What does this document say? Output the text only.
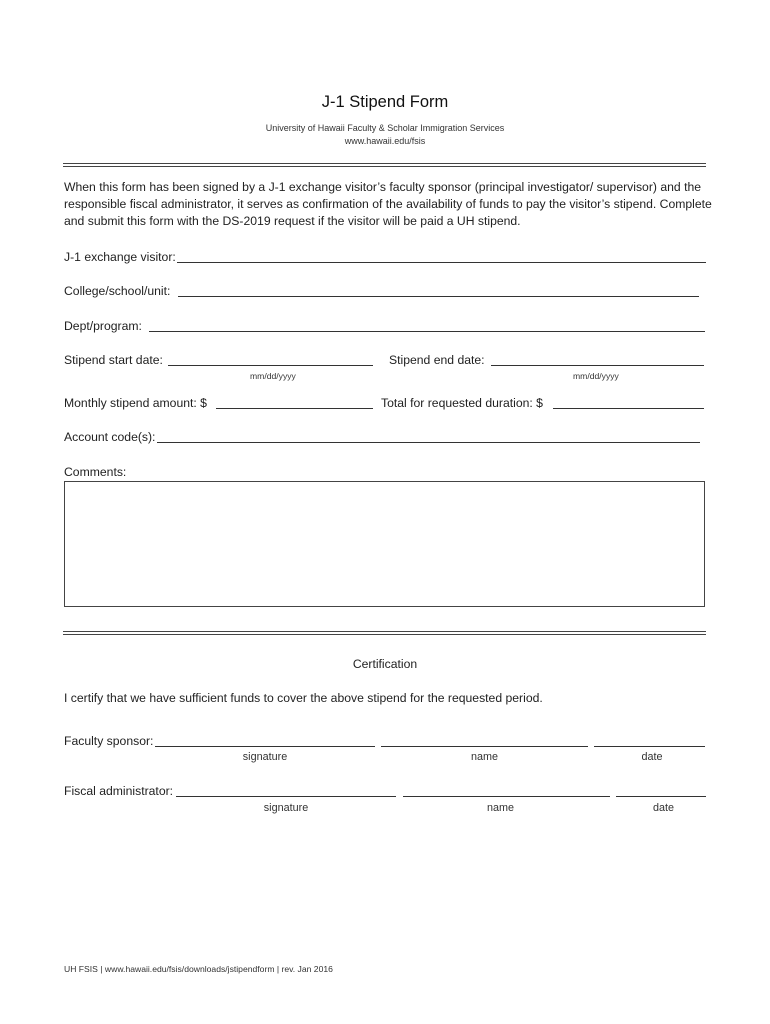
J-1 Stipend Form
University of Hawaii Faculty & Scholar Immigration Services
www.hawaii.edu/fsis
When this form has been signed by a J-1 exchange visitor’s faculty sponsor (principal investigator/ supervisor) and the responsible fiscal administrator, it serves as confirmation of the availability of funds to pay the visitor’s stipend. Complete and submit this form with the DS-2019 request if the visitor will be paid a UH stipend.
J-1 exchange visitor:
College/school/unit:
Dept/program:
Stipend start date:
mm/dd/yyyy
Stipend end date:
mm/dd/yyyy
Monthly stipend amount: $	Total for requested duration: $
Account code(s):
Comments:
Certification
I certify that we have sufficient funds to cover the above stipend for the requested period.
Faculty sponsor:
signature	name	date
Fiscal administrator:
signature	name	date
UH FSIS | www.hawaii.edu/fsis/downloads/jstipendform | rev. Jan 2016
